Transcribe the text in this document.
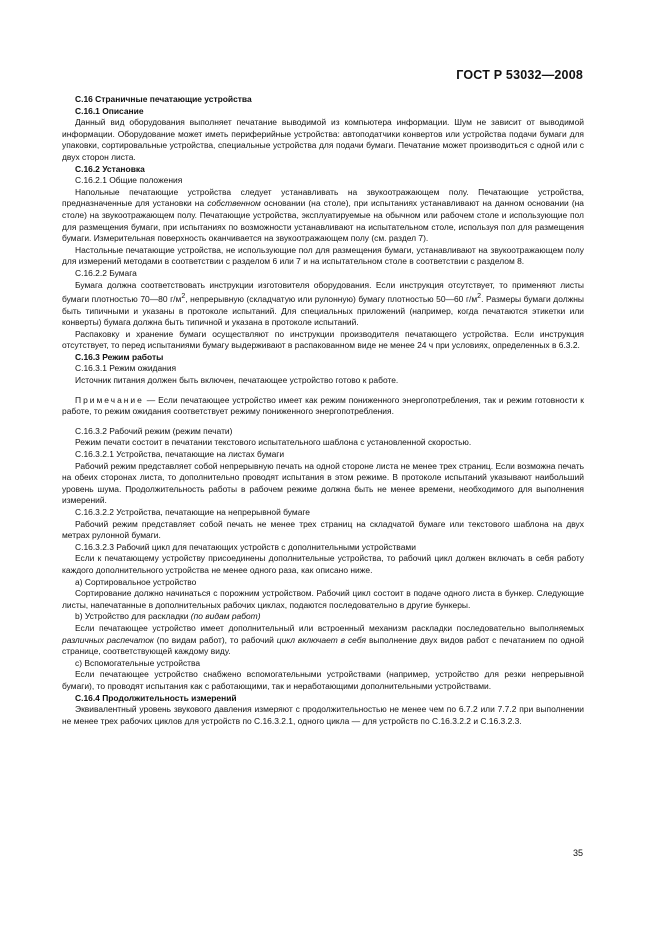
ГОСТ Р 53032—2008

С.16 Страничные печатающие устройства

С.16.1 Описание

Данный вид оборудования выполняет печатание выводимой из компьютера информации. Шум не зависит от выводимой информации. Оборудование может иметь периферийные устройства: автоподатчики конвертов или устройства подачи бумаги для упаковки, сортировальные устройства, специальные устройства для подачи бумаги. Печатание может производиться с одной или с двух сторон листа.

С.16.2 Установка

С.16.2.1 Общие положения

Напольные печатающие устройства следует устанавливать на звукоотражающем полу. Печатающие устройства, предназначенные для установки на собственном основании (на столе), при испытаниях устанавливают на данном основании (на столе) на звукоотражающем полу. Печатающие устройства, эксплуатируемые на обычном или рабочем столе и использующие пол для размещения бумаги, при испытаниях по возможности устанавливают на испытательном столе, используя пол для размещения бумаги. Измерительная поверхность оканчивается на звукоотражающем полу (см. раздел 7).

Настольные печатающие устройства, не использующие пол для размещения бумаги, устанавливают на звукоотражающем полу для измерений методами в соответствии с разделом 6 или 7 и на испытательном столе в соответствии с разделом 8.

С.16.2.2 Бумага

Бумага должна соответствовать инструкции изготовителя оборудования. Если инструкция отсутствует, то применяют листы бумаги плотностью 70—80 $г/м^2$, непрерывную (складчатую или рулонную) бумагу плотностью 50—60 $г/м^2$. Размеры бумаги должны быть типичными и указаны в протоколе испытаний. Для специальных приложений (например, когда печатаются этикетки или конверты) бумага должна быть типичной и указана в протоколе испытаний.

Распаковку и хранение бумаги осуществляют по инструкции производителя печатающего устройства. Если инструкция отсутствует, то перед испытаниями бумагу выдерживают в распакованном виде не менее 24 ч при условиях, определенных в 6.3.2.

С.16.3 Режим работы

С.16.3.1 Режим ожидания

Источник питания должен быть включен, печатающее устройство готово к работе.

Примечание — Если печатающее устройство имеет как режим пониженного энергопотребления, так и режим готовности к работе, то режим ожидания соответствует режиму пониженного энергопотребления.

С.16.3.2 Рабочий режим (режим печати)

Режим печати состоит в печатании текстового испытательного шаблона с установленной скоростью.

С.16.3.2.1 Устройства, печатающие на листах бумаги

Рабочий режим представляет собой непрерывную печать на одной стороне листа не менее трех страниц. Если возможна печать на обеих сторонах листа, то дополнительно проводят испытания в этом режиме. В протоколе испытаний указывают наибольший уровень шума. Продолжительность работы в рабочем режиме должна быть не менее времени, необходимого для выполнения измерений.

С.16.3.2.2 Устройства, печатающие на непрерывной бумаге

Рабочий режим представляет собой печать не менее трех страниц на складчатой бумаге или текстового шаблона на двух метрах рулонной бумаги.

С.16.3.2.3 Рабочий цикл для печатающих устройств с дополнительными устройствами

Если к печатающему устройству присоединены дополнительные устройства, то рабочий цикл должен включать в себя работу каждого дополнительного устройства не менее одного раза, как описано ниже.

а) Сортировальное устройство

Сортирование должно начинаться с порожним устройством. Рабочий цикл состоит в подаче одного листа в бункер. Следующие листы, напечатанные в дополнительных рабочих циклах, подаются последовательно в другие бункеры.

b) Устройство для раскладки (по видам работ)

Если печатающее устройство имеет дополнительный или встроенный механизм раскладки последовательно выполняемых различных распечаток (по видам работ), то рабочий цикл включает в себя выполнение двух видов работ с печатанием по одной странице, соответствующей каждому виду.

с) Вспомогательные устройства

Если печатающее устройство снабжено вспомогательными устройствами (например, устройство для резки непрерывной бумаги), то проводят испытания как с работающими, так и неработающими дополнительными устройствами.

С.16.4 Продолжительность измерений

Эквивалентный уровень звукового давления измеряют с продолжительностью не менее чем по 6.7.2 или 7.7.2 при выполнении не менее трех рабочих циклов для устройств по С.16.3.2.1, одного цикла — для устройств по С.16.3.2.2 и С.16.3.2.3.

35
